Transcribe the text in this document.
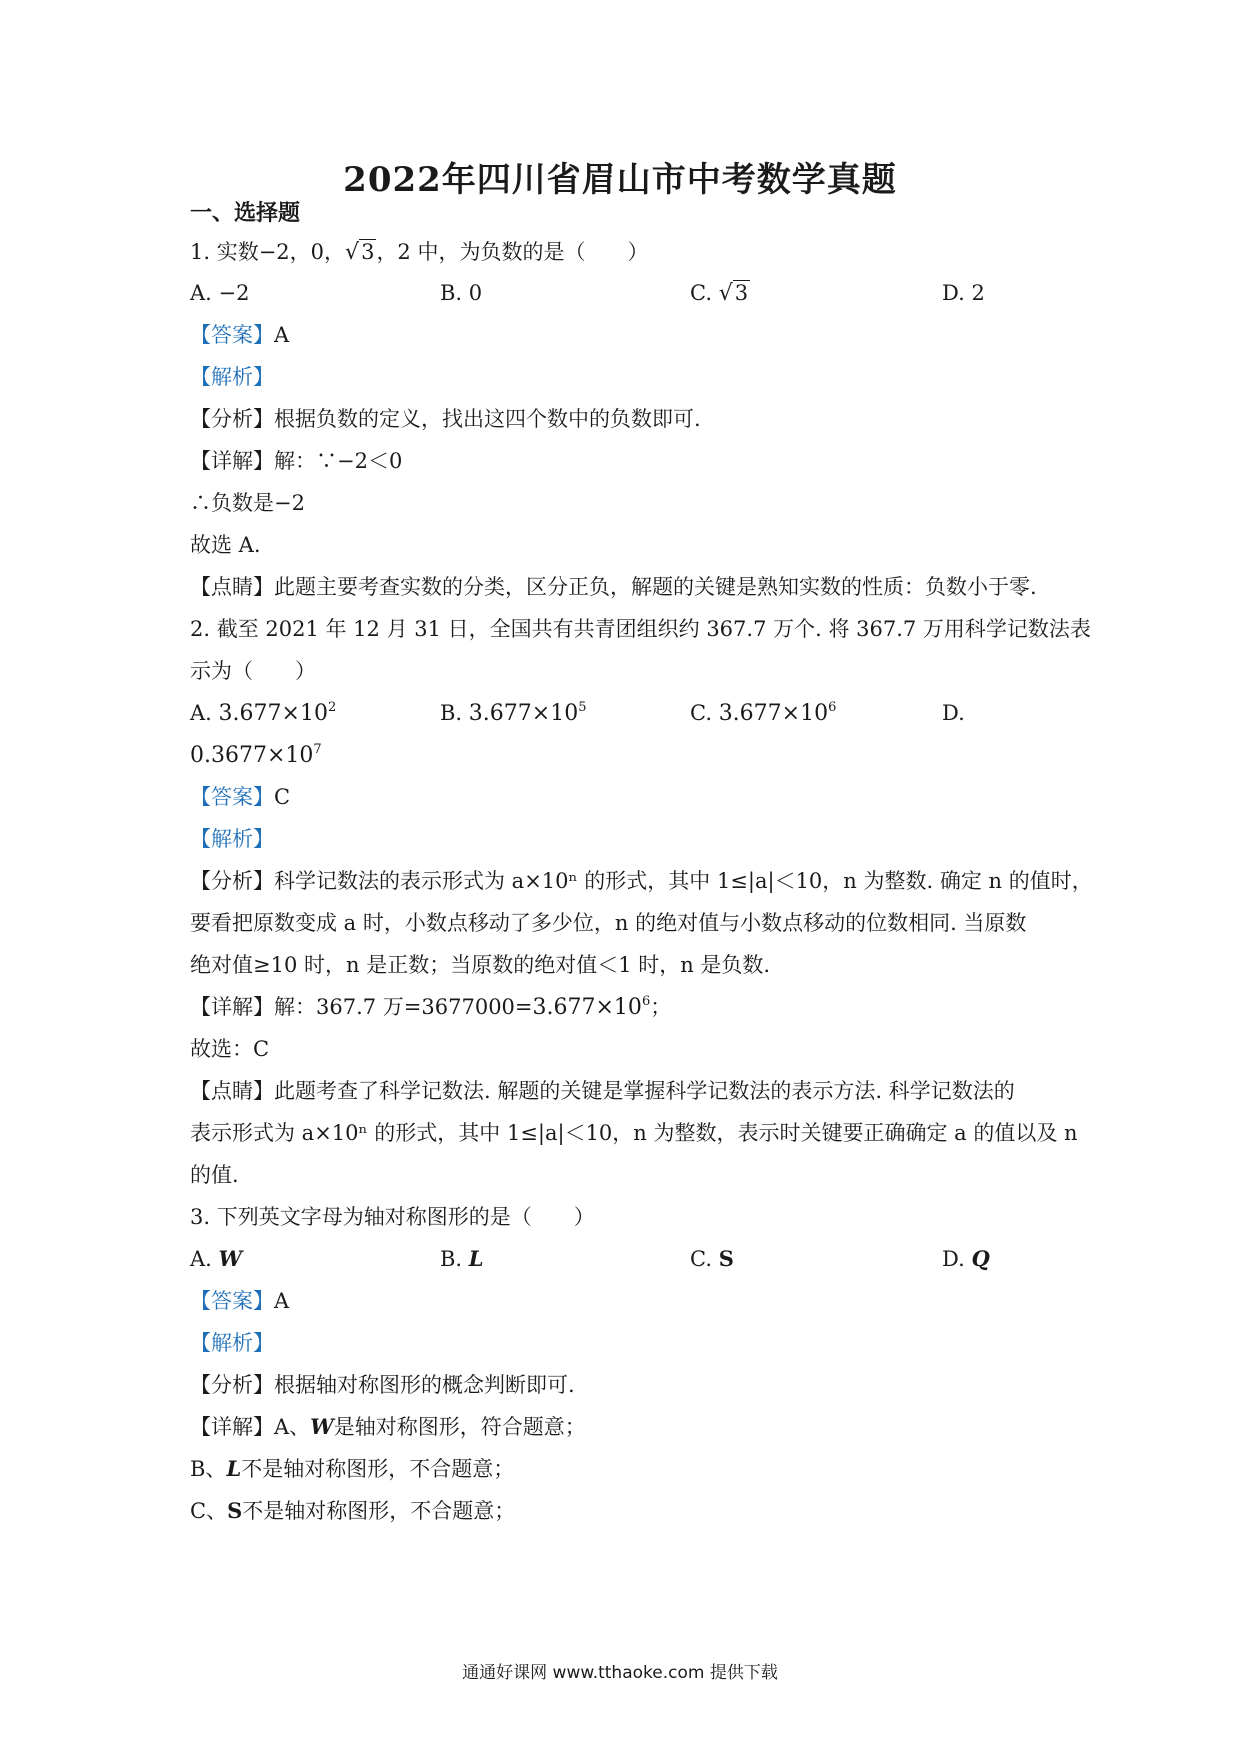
2022年四川省眉山市中考数学真题
一、选择题
1. 实数−2，0，√3，2 中，为负数的是（　　）
A. −2	B. 0	C. √3	D. 2
【答案】A
【解析】
【分析】根据负数的定义，找出这四个数中的负数即可.
【详解】解：∵−2＜0
∴负数是−2
故选 A.
【点睛】此题主要考查实数的分类，区分正负，解题的关键是熟知实数的性质：负数小于零.
2. 截至 2021 年 12 月 31 日，全国共有共青团组织约 367.7 万个. 将 367.7 万用科学记数法表
示为（　　）
A. $3.677\times 10^2$	B. $3.677\times 10^5$	C. $3.677\times 10^6$	D.
$0.3677\times 10^7$
【答案】C
【解析】
【分析】科学记数法的表示形式为 a×10ⁿ 的形式，其中 1≤|a|＜10，n 为整数. 确定 n 的值时，
要看把原数变成 a 时，小数点移动了多少位，n 的绝对值与小数点移动的位数相同. 当原数
绝对值≥10 时，n 是正数；当原数的绝对值＜1 时，n 是负数.
【详解】解：367.7 万$=3677000=3.677\times 10^6$；
故选：C
【点睛】此题考查了科学记数法. 解题的关键是掌握科学记数法的表示方法. 科学记数法的
表示形式为 a×10ⁿ 的形式，其中 1≤|a|＜10，n 为整数，表示时关键要正确确定 a 的值以及 n
的值.
3. 下列英文字母为轴对称图形的是（　　）
A. W	B. L	C. S	D. Q
【答案】A
【解析】
【分析】根据轴对称图形的概念判断即可.
【详解】A、W是轴对称图形，符合题意；
B、L不是轴对称图形，不合题意；
C、S不是轴对称图形，不合题意；
通通好课网 www.tthaoke.com 提供下载
